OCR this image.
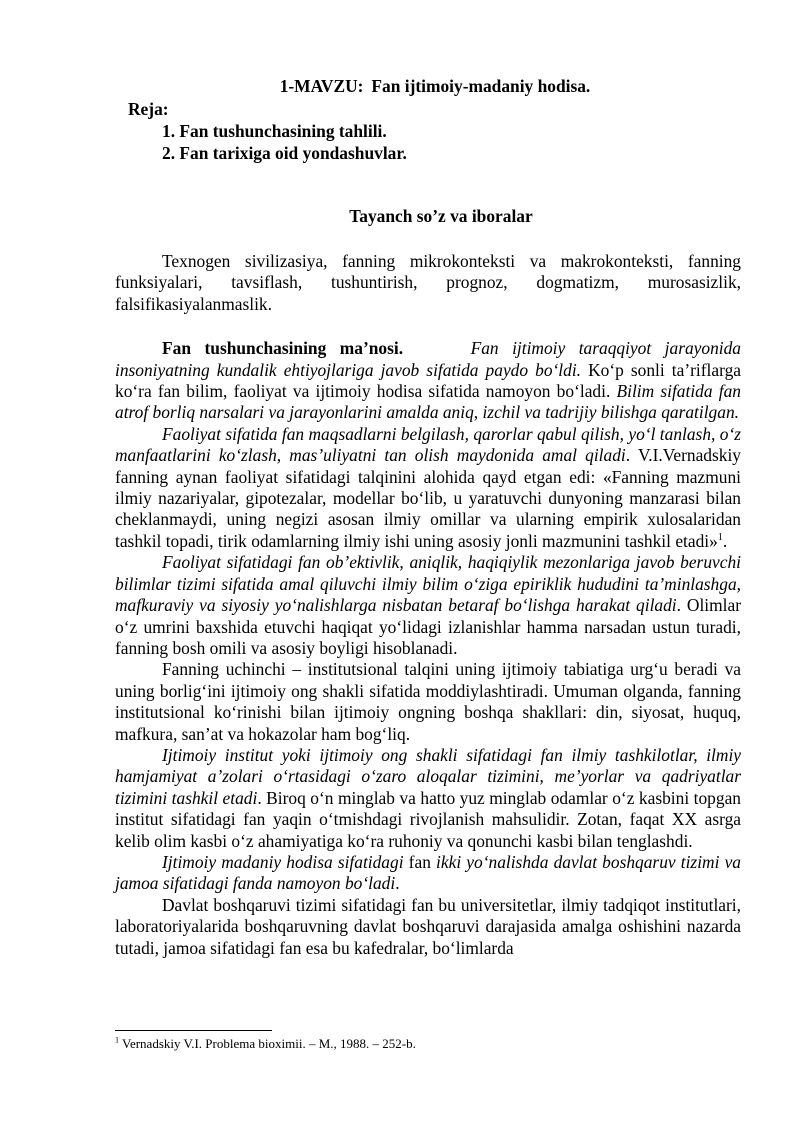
1-MAVZU: Fan ijtimoiy-madaniy hodisa.
Reja:
1. Fan tushunchasining tahlili.
2. Fan tarixiga oid yondashuvlar.
Tayanch so’z va iboralar

Texnogen sivilizasiya, fanning mikrokonteksti va makrokonteksti, fanning funksiyalari, tavsiflash, tushuntirish, prognoz, dogmatizm, murosasizlik, falsifikasiyalanmaslik.

Fan tushunchasining ma’nosi.	Fan ijtimoiy taraqqiyot jarayonida insoniyatning kundalik ehtiyojlariga javob sifatida paydo bo‘ldi. Ko‘p sonli ta’riflarga ko‘ra fan bilim, faoliyat va ijtimoiy hodisa sifatida namoyon bo‘ladi. Bilim sifatida fan atrof borliq narsalari va jarayonlarini amalda aniq, izchil va tadrijiy bilishga qaratilgan.

Faoliyat sifatida fan maqsadlarni belgilash, qarorlar qabul qilish, yo‘l tanlash, o‘z manfaatlarini ko‘zlash, mas’uliyatni tan olish maydonida amal qiladi. V.I.Vernadskiy fanning aynan faoliyat sifatidagi talqinini alohida qayd etgan edi: «Fanning mazmuni ilmiy nazariyalar, gipotezalar, modellar bo‘lib, u yaratuvchi dunyoning manzarasi bilan cheklanmaydi, uning negizi asosan ilmiy omillar va ularning empirik xulosalaridan tashkil topadi, tirik odamlarning ilmiy ishi uning asosiy jonli mazmunini tashkil etadi»$^1$.

Faoliyat sifatidagi fan ob’ektivlik, aniqlik, haqiqiylik mezonlariga javob beruvchi bilimlar tizimi sifatida amal qiluvchi ilmiy bilim o‘ziga epiriklik hududini ta’minlashga, mafkuraviy va siyosiy yo‘nalishlarga nisbatan betaraf bo‘lishga harakat qiladi. Olimlar o‘z umrini baxshida etuvchi haqiqat yo‘lidagi izlanishlar hamma narsadan ustun turadi, fanning bosh omili va asosiy boyligi hisoblanadi.

Fanning uchinchi – institutsional talqini uning ijtimoiy tabiatiga urg‘u beradi va uning borlig‘ini ijtimoiy ong shakli sifatida moddiylashtiradi. Umuman olganda, fanning institutsional ko‘rinishi bilan ijtimoiy ongning boshqa shakllari: din, siyosat, huquq, mafkura, san’at va hokazolar ham bog‘liq.

Ijtimoiy institut yoki ijtimoiy ong shakli sifatidagi fan ilmiy tashkilotlar, ilmiy hamjamiyat a’zolari o‘rtasidagi o‘zaro aloqalar tizimini, me’yorlar va qadriyatlar tizimini tashkil etadi. Biroq o‘n minglab va hatto yuz minglab odamlar o‘z kasbini topgan institut sifatidagi fan yaqin o‘tmishdagi rivojlanish mahsulidir. Zotan, faqat XX asrga kelib olim kasbi o‘z ahamiyatiga ko‘ra ruhoniy va qonunchi kasbi bilan tenglashdi.

Ijtimoiy madaniy hodisa sifatidagi fan ikki yo‘nalishda davlat boshqaruv tizimi va jamoa sifatidagi fanda namoyon bo‘ladi.

Davlat boshqaruvi tizimi sifatidagi fan bu universitetlar, ilmiy tadqiqot institutlari, laboratoriyalarida boshqaruvning davlat boshqaruvi darajasida amalga oshishini nazarda tutadi, jamoa sifatidagi fan esa bu kafedralar, bo‘limlarda

$^1$ Vernadskiy V.I. Problema bioximii. – M., 1988. – 252-b.
